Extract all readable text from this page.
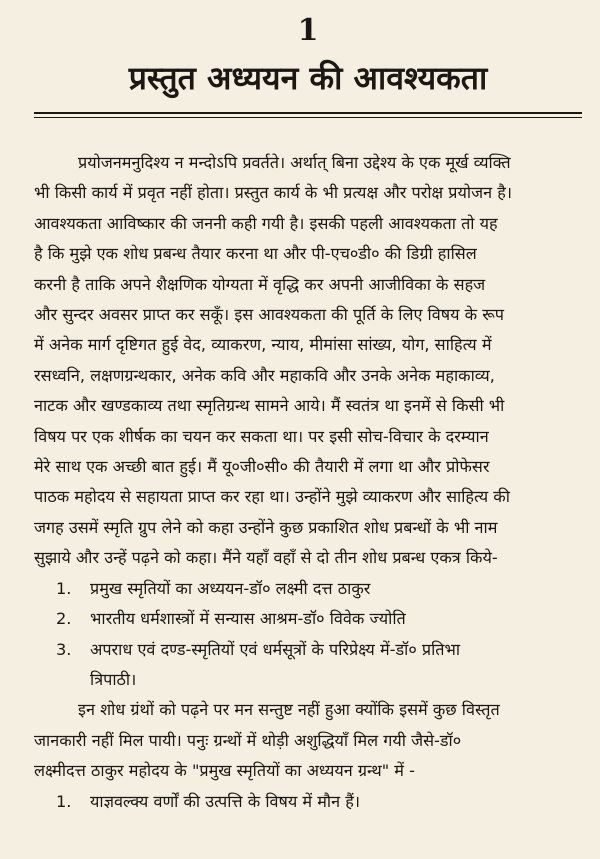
1
प्रस्तुत अध्ययन की आवश्यकता
प्रयोजनमनुदिश्य न मन्दोऽपि प्रवर्तते। अर्थात् बिना उद्देश्य के एक मूर्ख व्यक्ति
भी किसी कार्य में प्रवृत नहीं होता। प्रस्तुत कार्य के भी प्रत्यक्ष और परोक्ष प्रयोजन है।
आवश्यकता आविष्कार की जननी कही गयी है। इसकी पहली आवश्यकता तो यह
है कि मुझे एक शोध प्रबन्ध तैयार करना था और पी-एच०डी० की डिग्री हासिल
करनी है ताकि अपने शैक्षणिक योग्यता में वृद्धि कर अपनी आजीविका के सहज
और सुन्दर अवसर प्राप्त कर सकूँ। इस आवश्यकता की पूर्ति के लिए विषय के रूप
में अनेक मार्ग दृष्टिगत हुई वेद, व्याकरण, न्याय, मीमांसा सांख्य, योग, साहित्य में
रसध्वनि, लक्षणग्रन्थकार, अनेक कवि और महाकवि और उनके अनेक महाकाव्य,
नाटक और खण्डकाव्य तथा स्मृतिग्रन्थ सामने आये। मैं स्वतंत्र था इनमें से किसी भी
विषय पर एक शीर्षक का चयन कर सकता था। पर इसी सोच-विचार के दरम्यान
मेरे साथ एक अच्छी बात हुई। मैं यू०जी०सी० की तैयारी में लगा था और प्रोफेसर
पाठक महोदय से सहायता प्राप्त कर रहा था। उन्होंने मुझे व्याकरण और साहित्य की
जगह उसमें स्मृति ग्रुप लेने को कहा उन्होंने कुछ प्रकाशित शोध प्रबन्धों के भी नाम
सुझाये और उन्हें पढ़ने को कहा। मैंने यहाँ वहाँ से दो तीन शोध प्रबन्ध एकत्र किये-
1.	प्रमुख स्मृतियों का अध्ययन-डॉ० लक्ष्मी दत्त ठाकुर
2.	भारतीय धर्मशास्त्रों में सन्यास आश्रम-डॉ० विवेक ज्योति
3.	अपराध एवं दण्ड-स्मृतियों एवं धर्मसूत्रों के परिप्रेक्ष्य में-डॉ० प्रतिभा
त्रिपाठी।
इन शोध ग्रंथों को पढ़ने पर मन सन्तुष्ट नहीं हुआ क्योंकि इसमें कुछ विस्तृत
जानकारी नहीं मिल पायी। पनुः ग्रन्थों में थोड़ी अशुद्धियाँ मिल गयी जैसे-डॉ०
लक्ष्मीदत्त ठाकुर महोदय के "प्रमुख स्मृतियों का अध्ययन ग्रन्थ" में -
1.	याज्ञवल्क्य वर्णों की उत्पत्ति के विषय में मौन हैं।
